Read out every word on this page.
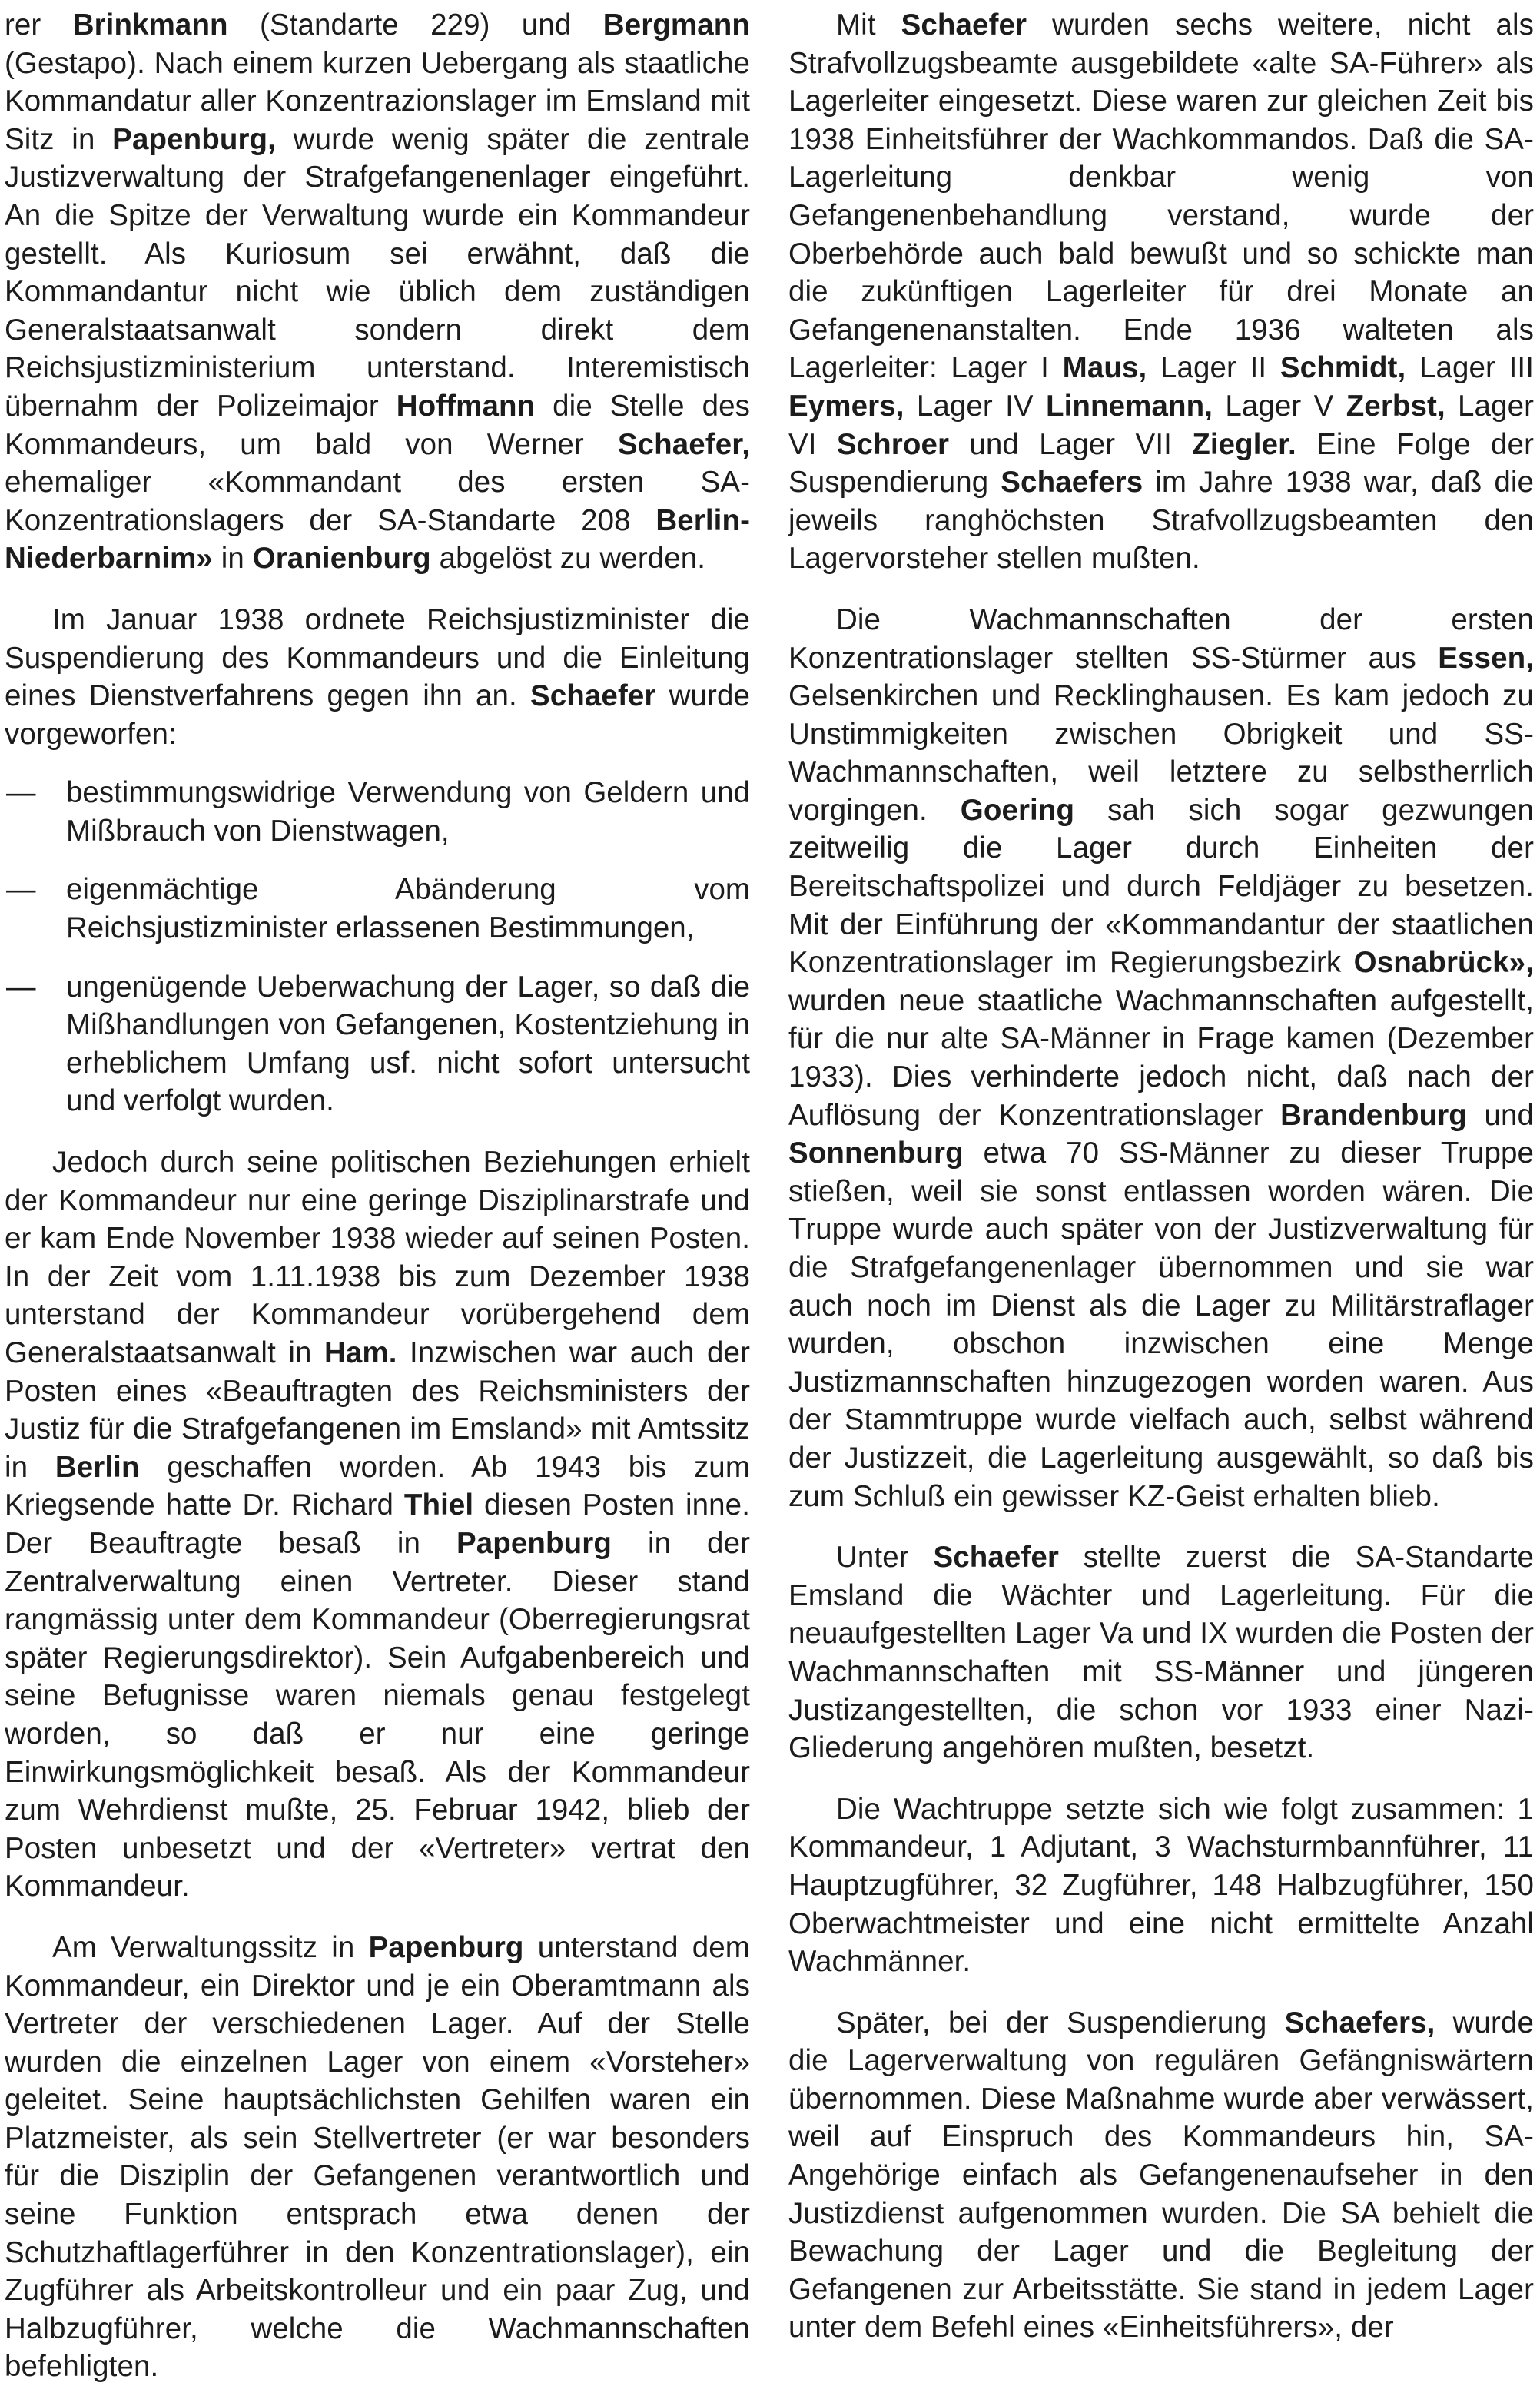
rer Brinkmann (Standarte 229) und Bergmann (Gestapo). Nach einem kurzen Uebergang als staatliche Kommandatur aller Konzentrazionslager im Emsland mit Sitz in Papenburg, wurde wenig später die zentrale Justizverwaltung der Strafgefangenenlager eingeführt. An die Spitze der Verwaltung wurde ein Kommandeur gestellt. Als Kuriosum sei erwähnt, daß die Kommandantur nicht wie üblich dem zuständigen Generalstaatsanwalt sondern direkt dem Reichsjustizministerium unterstand. Interemistisch übernahm der Polizeimajor Hoffmann die Stelle des Kommandeurs, um bald von Werner Schaefer, ehemaliger «Kommandant des ersten SA-Konzentrationslagers der SA-Standarte 208 Berlin-Niederbarnim» in Oranienburg abgelöst zu werden.

Im Januar 1938 ordnete Reichsjustizminister die Suspendierung des Kommandeurs und die Einleitung eines Dienstverfahrens gegen ihn an. Schaefer wurde vorgeworfen:

— bestimmungswidrige Verwendung von Geldern und Mißbrauch von Dienstwagen,
— eigenmächtige Abänderung vom Reichsjustizminister erlassenen Bestimmungen,
— ungenügende Ueberwachung der Lager, so daß die Mißhandlungen von Gefangenen, Kostentziehung in erheblichem Umfang usf. nicht sofort untersucht und verfolgt wurden.

Jedoch durch seine politischen Beziehungen erhielt der Kommandeur nur eine geringe Disziplinarstrafe und er kam Ende November 1938 wieder auf seinen Posten. In der Zeit vom 1.11.1938 bis zum Dezember 1938 unterstand der Kommandeur vorübergehend dem Generalstaatsanwalt in Ham. Inzwischen war auch der Posten eines «Beauftragten des Reichsministers der Justiz für die Strafgefangenen im Emsland» mit Amtssitz in Berlin geschaffen worden. Ab 1943 bis zum Kriegsende hatte Dr. Richard Thiel diesen Posten inne. Der Beauftragte besaß in Papenburg in der Zentralverwaltung einen Vertreter. Dieser stand rangmässig unter dem Kommandeur (Oberregierungsrat später Regierungsdirektor). Sein Aufgabenbereich und seine Befugnisse waren niemals genau festgelegt worden, so daß er nur eine geringe Einwirkungsmöglichkeit besaß. Als der Kommandeur zum Wehrdienst mußte, 25. Februar 1942, blieb der Posten unbesetzt und der «Vertreter» vertrat den Kommandeur.

Am Verwaltungssitz in Papenburg unterstand dem Kommandeur, ein Direktor und je ein Oberamtmann als Vertreter der verschiedenen Lager. Auf der Stelle wurden die einzelnen Lager von einem «Vorsteher» geleitet. Seine hauptsächlichsten Gehilfen waren ein Platzmeister, als sein Stellvertreter (er war besonders für die Disziplin der Gefangenen verantwortlich und seine Funktion entsprach etwa denen der Schutzhaftlagerführer in den Konzentrationslager), ein Zugführer als Arbeitskontrolleur und ein paar Zug, und Halbzugführer, welche die Wachmannschaften befehligten.

Mit Schaefer wurden sechs weitere, nicht als Strafvollzugsbeamte ausgebildete «alte SA-Führer» als Lagerleiter eingesetzt. Diese waren zur gleichen Zeit bis 1938 Einheitsführer der Wachkommandos. Daß die SA-Lagerleitung denkbar wenig von Gefangenenbehandlung verstand, wurde der Oberbehörde auch bald bewußt und so schickte man die zukünftigen Lagerleiter für drei Monate an Gefangenenanstalten. Ende 1936 walteten als Lagerleiter: Lager I Maus, Lager II Schmidt, Lager III Eymers, Lager IV Linnemann, Lager V Zerbst, Lager VI Schroer und Lager VII Ziegler. Eine Folge der Suspendierung Schaefers im Jahre 1938 war, daß die jeweils ranghöchsten Strafvollzugsbeamten den Lagervorsteher stellen mußten.

Die Wachmannschaften der ersten Konzentrationslager stellten SS-Stürmer aus Essen, Gelsenkirchen und Recklinghausen. Es kam jedoch zu Unstimmigkeiten zwischen Obrigkeit und SS-Wachmannschaften, weil letztere zu selbstherrlich vorgingen. Goering sah sich sogar gezwungen zeitweilig die Lager durch Einheiten der Bereitschaftspolizei und durch Feldjäger zu besetzen. Mit der Einführung der «Kommandantur der staatlichen Konzentrationslager im Regierungsbezirk Osnabrück», wurden neue staatliche Wachmannschaften aufgestellt, für die nur alte SA-Männer in Frage kamen (Dezember 1933). Dies verhinderte jedoch nicht, daß nach der Auflösung der Konzentrationslager Brandenburg und Sonnenburg etwa 70 SS-Männer zu dieser Truppe stießen, weil sie sonst entlassen worden wären. Die Truppe wurde auch später von der Justizverwaltung für die Strafgefangenenlager übernommen und sie war auch noch im Dienst als die Lager zu Militärstraflager wurden, obschon inzwischen eine Menge Justizmannschaften hinzugezogen worden waren. Aus der Stammtruppe wurde vielfach auch, selbst während der Justizzeit, die Lagerleitung ausgewählt, so daß bis zum Schluß ein gewisser KZ-Geist erhalten blieb.

Unter Schaefer stellte zuerst die SA-Standarte Emsland die Wächter und Lagerleitung. Für die neuaufgestellten Lager Va und IX wurden die Posten der Wachmannschaften mit SS-Männer und jüngeren Justizangestellten, die schon vor 1933 einer Nazi-Gliederung angehören mußten, besetzt.

Die Wachtruppe setzte sich wie folgt zusammen: 1 Kommandeur, 1 Adjutant, 3 Wachsturmbannführer, 11 Hauptzugführer, 32 Zugführer, 148 Halbzugführer, 150 Oberwachtmeister und eine nicht ermittelte Anzahl Wachmänner.

Später, bei der Suspendierung Schaefers, wurde die Lagerverwaltung von regulären Gefängniswärtern übernommen. Diese Maßnahme wurde aber verwässert, weil auf Einspruch des Kommandeurs hin, SA-Angehörige einfach als Gefangenenaufseher in den Justizdienst aufgenommen wurden. Die SA behielt die Bewachung der Lager und die Begleitung der Gefangenen zur Arbeitsstätte. Sie stand in jedem Lager unter dem Befehl eines «Einheitsführers», der
